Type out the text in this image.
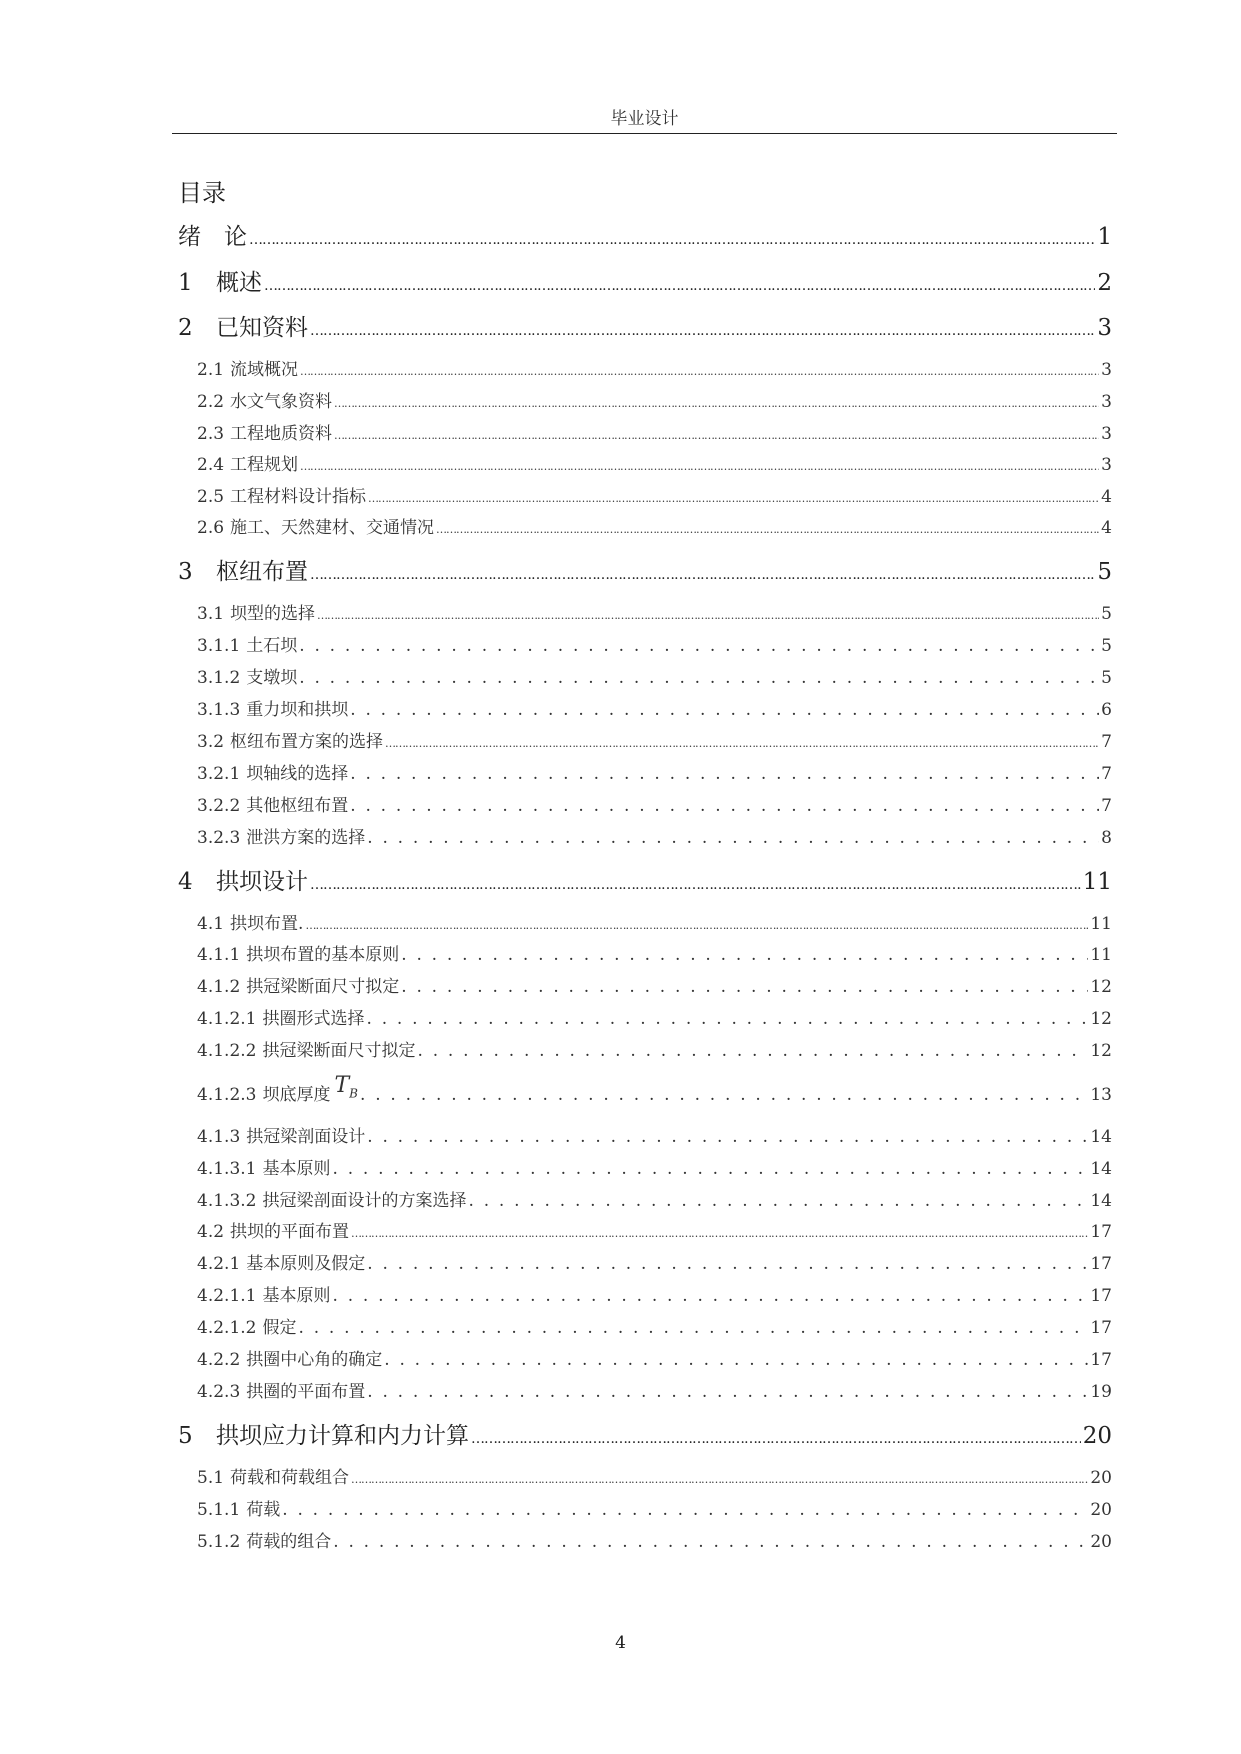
毕业设计
目录
绪　论 ……………………………………………………………………………………………………………………………………………………………………………………………………………………	1
1	概述 ……………………………………………………………………………………………………………………………………………………………………………………………………………………	2
2	已知资料 ……………………………………………………………………………………………………………………………………………………………………………………………………………………	3
2.1 流域概况 ……………………………………………………………………………………………………………………………………………………………………………………………………………………	3
2.2 水文气象资料 ……………………………………………………………………………………………………………………………………………………………………………………………………………………	3
2.3 工程地质资料 ……………………………………………………………………………………………………………………………………………………………………………………………………………………	3
2.4 工程规划 ……………………………………………………………………………………………………………………………………………………………………………………………………………………	3
2.5 工程材料设计指标 ……………………………………………………………………………………………………………………………………………………………………………………………………………………	4
2.6 施工、天然建材、交通情况 ……………………………………………………………………………………………………………………………………………………………………………………………………………………	4
3	枢纽布置 ……………………………………………………………………………………………………………………………………………………………………………………………………………………	5
3.1 坝型的选择 ……………………………………………………………………………………………………………………………………………………………………………………………………………………	5
3.1.1 土石坝 . . .	5
3.1.2 支墩坝 . . .	5
3.1.3 重力坝和拱坝 . . .	6
3.2 枢纽布置方案的选择 ……………………………………………………………………………………………………………………………………………………………………………………………………………………	7
3.2.1 坝轴线的选择 . . .	7
3.2.2 其他枢纽布置 . . .	7
3.2.3 泄洪方案的选择 . . .	8
4	拱坝设计 ……………………………………………………………………………………………………………………………………………………………………………………………………………………	11
4.1 拱坝布置. ……………………………………………………………………………………………………………………………………………………………………………………………………………………	11
4.1.1 拱坝布置的基本原则 . . .	11
4.1.2 拱冠梁断面尺寸拟定 . . .	12
4.1.2.1 拱圈形式选择 . . .	12
4.1.2.2 拱冠梁断面尺寸拟定 . . .	12
4.1.2.3 坝底厚度 $T_B$ . . .	13
4.1.3 拱冠梁剖面设计 . . .	14
4.1.3.1 基本原则 . . .	14
4.1.3.2 拱冠梁剖面设计的方案选择 . . .	14
4.2 拱坝的平面布置 ……………………………………………………………………………………………………………………………………………………………………………………………………………………	17
4.2.1 基本原则及假定 . . .	17
4.2.1.1 基本原则 . . .	17
4.2.1.2 假定 . . .	17
4.2.2 拱圈中心角的确定 . . .	17
4.2.3 拱圈的平面布置 . . .	19
5	拱坝应力计算和内力计算 ……………………………………………………………………………………………………………………………………………………………………………………………………………………	20
5.1 荷载和荷载组合 ……………………………………………………………………………………………………………………………………………………………………………………………………………………	20
5.1.1 荷载 . . .	20
5.1.2 荷载的组合 . . .	20
4
